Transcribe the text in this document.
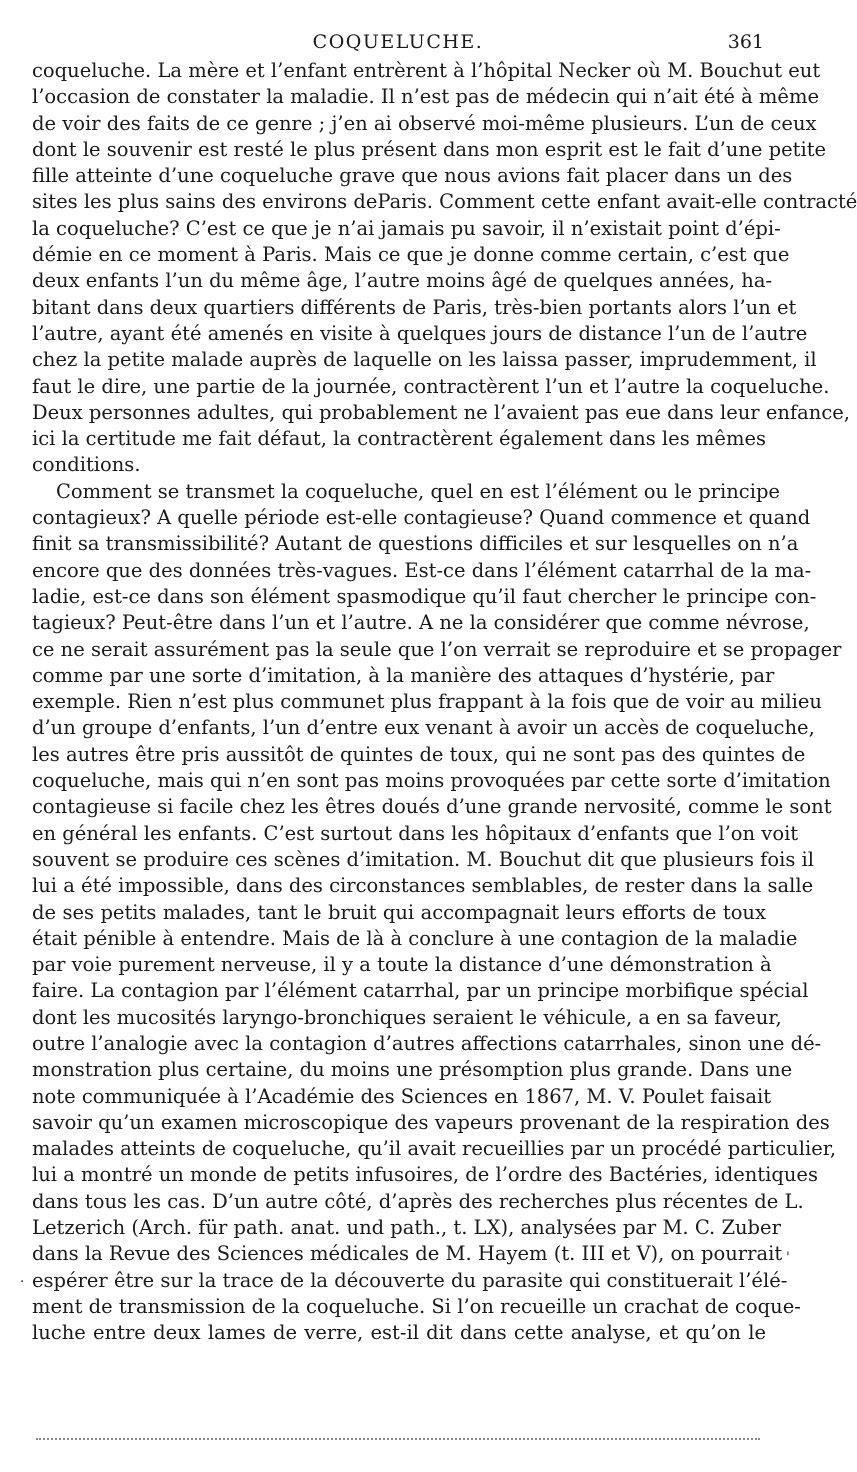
COQUELUCHE.	361
coqueluche. La mère et l’enfant entrèrent à l’hôpital Necker où M. Bouchut eut
l’occasion de constater la maladie. Il n’est pas de médecin qui n’ait été à même
de voir des faits de ce genre ; j’en ai observé moi-même plusieurs. L’un de ceux
dont le souvenir est resté le plus présent dans mon esprit est le fait d’une petite
fille atteinte d’une coqueluche grave que nous avions fait placer dans un des
sites les plus sains des environs deParis. Comment cette enfant avait-elle contracté
la coqueluche? C’est ce que je n’ai jamais pu savoir, il n’existait point d’épi-
démie en ce moment à Paris. Mais ce que je donne comme certain, c’est que
deux enfants l’un du même âge, l’autre moins âgé de quelques années, ha-
bitant dans deux quartiers différents de Paris, très-bien portants alors l’un et
l’autre, ayant été amenés en visite à quelques jours de distance l’un de l’autre
chez la petite malade auprès de laquelle on les laissa passer, imprudemment, il
faut le dire, une partie de la journée, contractèrent l’un et l’autre la coqueluche.
Deux personnes adultes, qui probablement ne l’avaient pas eue dans leur enfance,
ici la certitude me fait défaut, la contractèrent également dans les mêmes
conditions.
Comment se transmet la coqueluche, quel en est l’élément ou le principe
contagieux? A quelle période est-elle contagieuse? Quand commence et quand
finit sa transmissibilité? Autant de questions difficiles et sur lesquelles on n’a
encore que des données très-vagues. Est-ce dans l’élément catarrhal de la ma-
ladie, est-ce dans son élément spasmodique qu’il faut chercher le principe con-
tagieux? Peut-être dans l’un et l’autre. A ne la considérer que comme névrose,
ce ne serait assurément pas la seule que l’on verrait se reproduire et se propager
comme par une sorte d’imitation, à la manière des attaques d’hystérie, par
exemple. Rien n’est plus communet plus frappant à la fois que de voir au milieu
d’un groupe d’enfants, l’un d’entre eux venant à avoir un accès de coqueluche,
les autres être pris aussitôt de quintes de toux, qui ne sont pas des quintes de
coqueluche, mais qui n’en sont pas moins provoquées par cette sorte d’imitation
contagieuse si facile chez les êtres doués d’une grande nervosité, comme le sont
en général les enfants. C’est surtout dans les hôpitaux d’enfants que l’on voit
souvent se produire ces scènes d’imitation. M. Bouchut dit que plusieurs fois il
lui a été impossible, dans des circonstances semblables, de rester dans la salle
de ses petits malades, tant le bruit qui accompagnait leurs efforts de toux
était pénible à entendre. Mais de là à conclure à une contagion de la maladie
par voie purement nerveuse, il y a toute la distance d’une démonstration à
faire. La contagion par l’élément catarrhal, par un principe morbifique spécial
dont les mucosités laryngo-bronchiques seraient le véhicule, a en sa faveur,
outre l’analogie avec la contagion d’autres affections catarrhales, sinon une dé-
monstration plus certaine, du moins une présomption plus grande. Dans une
note communiquée à l’Académie des Sciences en 1867, M. V. Poulet faisait
savoir qu’un examen microscopique des vapeurs provenant de la respiration des
malades atteints de coqueluche, qu’il avait recueillies par un procédé particulier,
lui a montré un monde de petits infusoires, de l’ordre des Bactéries, identiques
dans tous les cas. D’un autre côté, d’après des recherches plus récentes de L.
Letzerich (Arch. für path. anat. und path., t. LX), analysées par M. C. Zuber
dans la Revue des Sciences médicales de M. Hayem (t. III et V), on pourrait
espérer être sur la trace de la découverte du parasite qui constituerait l’élé-
ment de transmission de la coqueluche. Si l’on recueille un crachat de coque-
luche entre deux lames de verre, est-il dit dans cette analyse, et qu’on le
·
'
